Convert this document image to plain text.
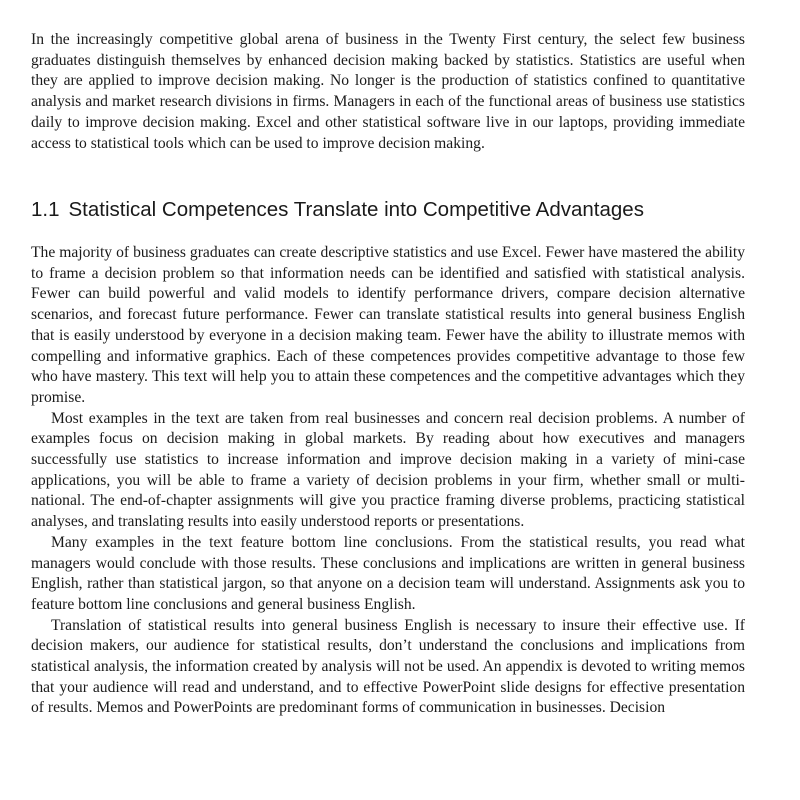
In the increasingly competitive global arena of business in the Twenty First century, the select few business graduates distinguish themselves by enhanced decision making backed by statistics. Statistics are useful when they are applied to improve decision making. No longer is the production of statistics confined to quantitative analysis and market research divisions in firms. Managers in each of the functional areas of business use statistics daily to improve decision making. Excel and other statistical software live in our laptops, providing immediate access to statistical tools which can be used to improve decision making.

1.1 Statistical Competences Translate into Competitive Advantages

The majority of business graduates can create descriptive statistics and use Excel. Fewer have mastered the ability to frame a decision problem so that information needs can be identified and satisfied with statistical analysis. Fewer can build powerful and valid models to identify performance drivers, compare decision alternative scenarios, and forecast future performance. Fewer can translate statistical results into general business English that is easily understood by everyone in a decision making team. Fewer have the ability to illustrate memos with compelling and informative graphics. Each of these competences provides competitive advantage to those few who have mastery. This text will help you to attain these competences and the competitive advantages which they promise.

Most examples in the text are taken from real businesses and concern real decision problems. A number of examples focus on decision making in global markets. By reading about how executives and managers successfully use statistics to increase information and improve decision making in a variety of mini-case applications, you will be able to frame a variety of decision problems in your firm, whether small or multi-national. The end-of-chapter assignments will give you practice framing diverse problems, practicing statistical analyses, and translating results into easily understood reports or presentations.

Many examples in the text feature bottom line conclusions. From the statistical results, you read what managers would conclude with those results. These conclusions and implications are written in general business English, rather than statistical jargon, so that anyone on a decision team will understand. Assignments ask you to feature bottom line conclusions and general business English.

Translation of statistical results into general business English is necessary to insure their effective use. If decision makers, our audience for statistical results, don’t understand the conclusions and implications from statistical analysis, the information created by analysis will not be used. An appendix is devoted to writing memos that your audience will read and understand, and to effective PowerPoint slide designs for effective presentation of results. Memos and PowerPoints are predominant forms of communication in businesses. Decision
